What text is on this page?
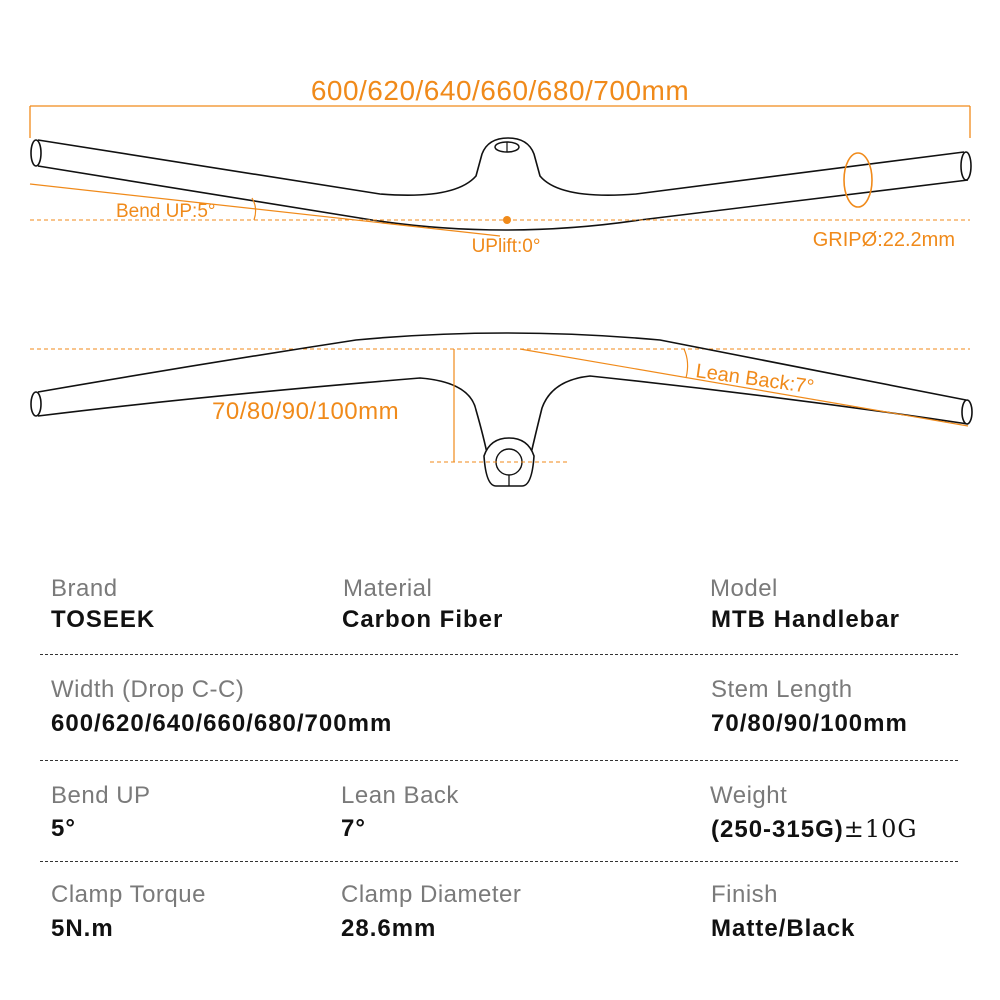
600/620/640/660/680/700mm
Bend UP:5°
UPlift:0°	GRIPØ:22.2mm
70/80/90/100mm
Lean Back:7°
Brand
TOSEEK
Material
Carbon Fiber
Model
MTB Handlebar
Width (Drop C-C)
600/620/640/660/680/700mm
Stem Length
70/80/90/100mm
Bend UP
5°
Lean Back
7°
Weight
(250-315G)±10G
Clamp Torque
5N.m
Clamp Diameter
28.6mm
Finish
Matte/Black
